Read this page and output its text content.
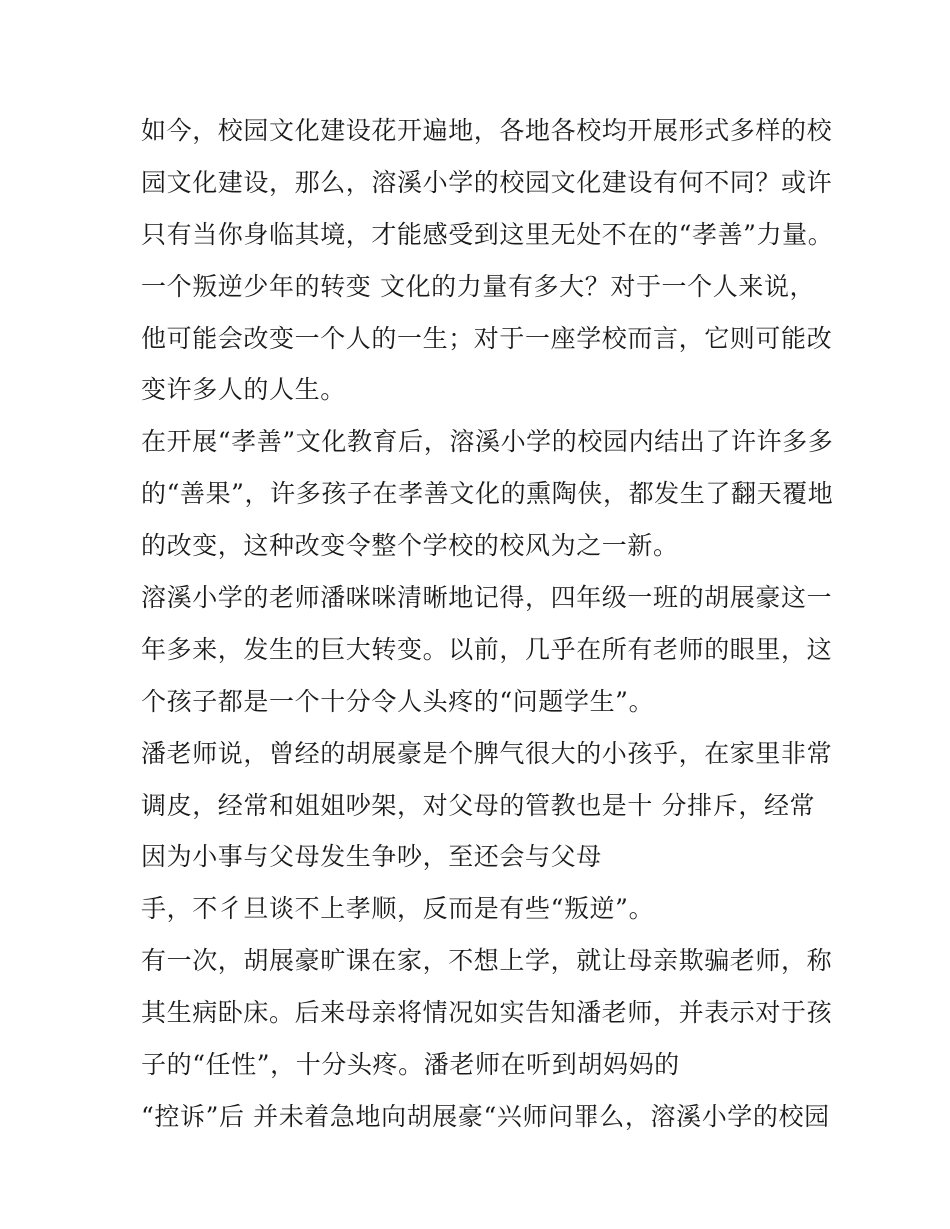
如今，校园文化建设花开遍地，各地各校均开展形式多样的校
园文化建设，那么，溶溪小学的校园文化建设有何不同？或许
只有当你身临其境，才能感受到这里无处不在的“孝善”力量。
一个叛逆少年的转变 文化的力量有多大？对于一个人来说，
他可能会改变一个人的一生；对于一座学校而言，它则可能改
变许多人的人生。
在开展“孝善”文化教育后，溶溪小学的校园内结出了许许多多
的“善果”，许多孩子在孝善文化的熏陶侠，都发生了翻天覆地
的改变，这种改变令整个学校的校风为之一新。
溶溪小学的老师潘咪咪清晰地记得，四年级一班的胡展豪这一
年多来，发生的巨大转变。以前，几乎在所有老师的眼里，这
个孩子都是一个十分令人头疼的“问题学生”。
潘老师说，曾经的胡展豪是个脾气很大的小孩乎，在家里非常
调皮，经常和姐姐吵架，对父母的管教也是十 分排斥，经常
因为小事与父母发生争吵，至还会与父母
手，不彳旦谈不上孝顺，反而是有些“叛逆”。
有一次，胡展豪旷课在家，不想上学，就让母亲欺骗老师，称
其生病卧床。后来母亲将情况如实告知潘老师，并表示对于孩
子的“任性”，十分头疼。潘老师在听到胡妈妈的
“控诉”后 并未着急地向胡展豪“兴师问罪么，溶溪小学的校园
